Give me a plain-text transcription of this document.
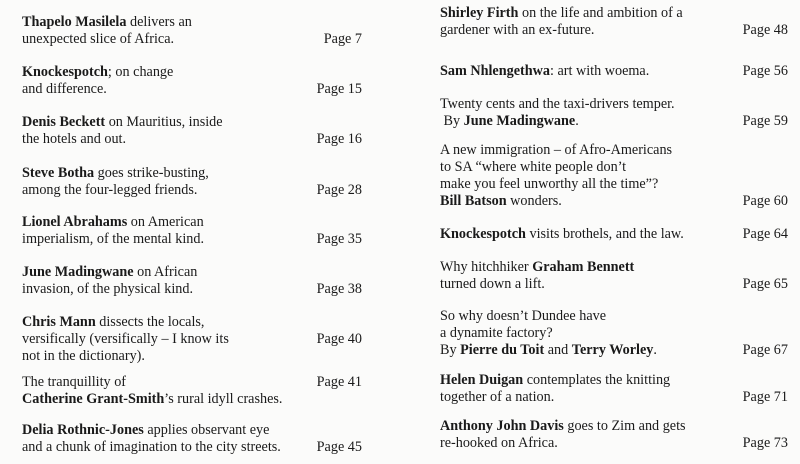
Thapelo Masilela delivers an
unexpected slice of Africa.	Page 7
Knockespotch; on change
and difference.	Page 15
Denis Beckett on Mauritius, inside
the hotels and out.	Page 16
Steve Botha goes strike-busting,
among the four-legged friends.	Page 28
Lionel Abrahams on American
imperialism, of the mental kind.	Page 35
June Madingwane on African
invasion, of the physical kind.	Page 38
Chris Mann dissects the locals,
versifically (versifically – I know its
not in the dictionary).
Page 40
The tranquillity of
Catherine Grant-Smith’s rural idyll crashes.
Page 41
Delia Rothnic-Jones applies observant eye
and a chunk of imagination to the city streets.	Page 45
Shirley Firth on the life and ambition of a
gardener with an ex-future.	Page 48
Sam Nhlengethwa: art with woema.	Page 56
Twenty cents and the taxi-drivers temper.
By June Madingwane.	Page 59
A new immigration – of Afro-Americans
to SA “where white people don’t
make you feel unworthy all the time”?
Bill Batson wonders.	Page 60
Knockespotch visits brothels, and the law.	Page 64
Why hitchhiker Graham Bennett
turned down a lift.	Page 65
So why doesn’t Dundee have
a dynamite factory?
By Pierre du Toit and Terry Worley.	Page 67
Helen Duigan contemplates the knitting
together of a nation.	Page 71
Anthony John Davis goes to Zim and gets
re-hooked on Africa.	Page 73
